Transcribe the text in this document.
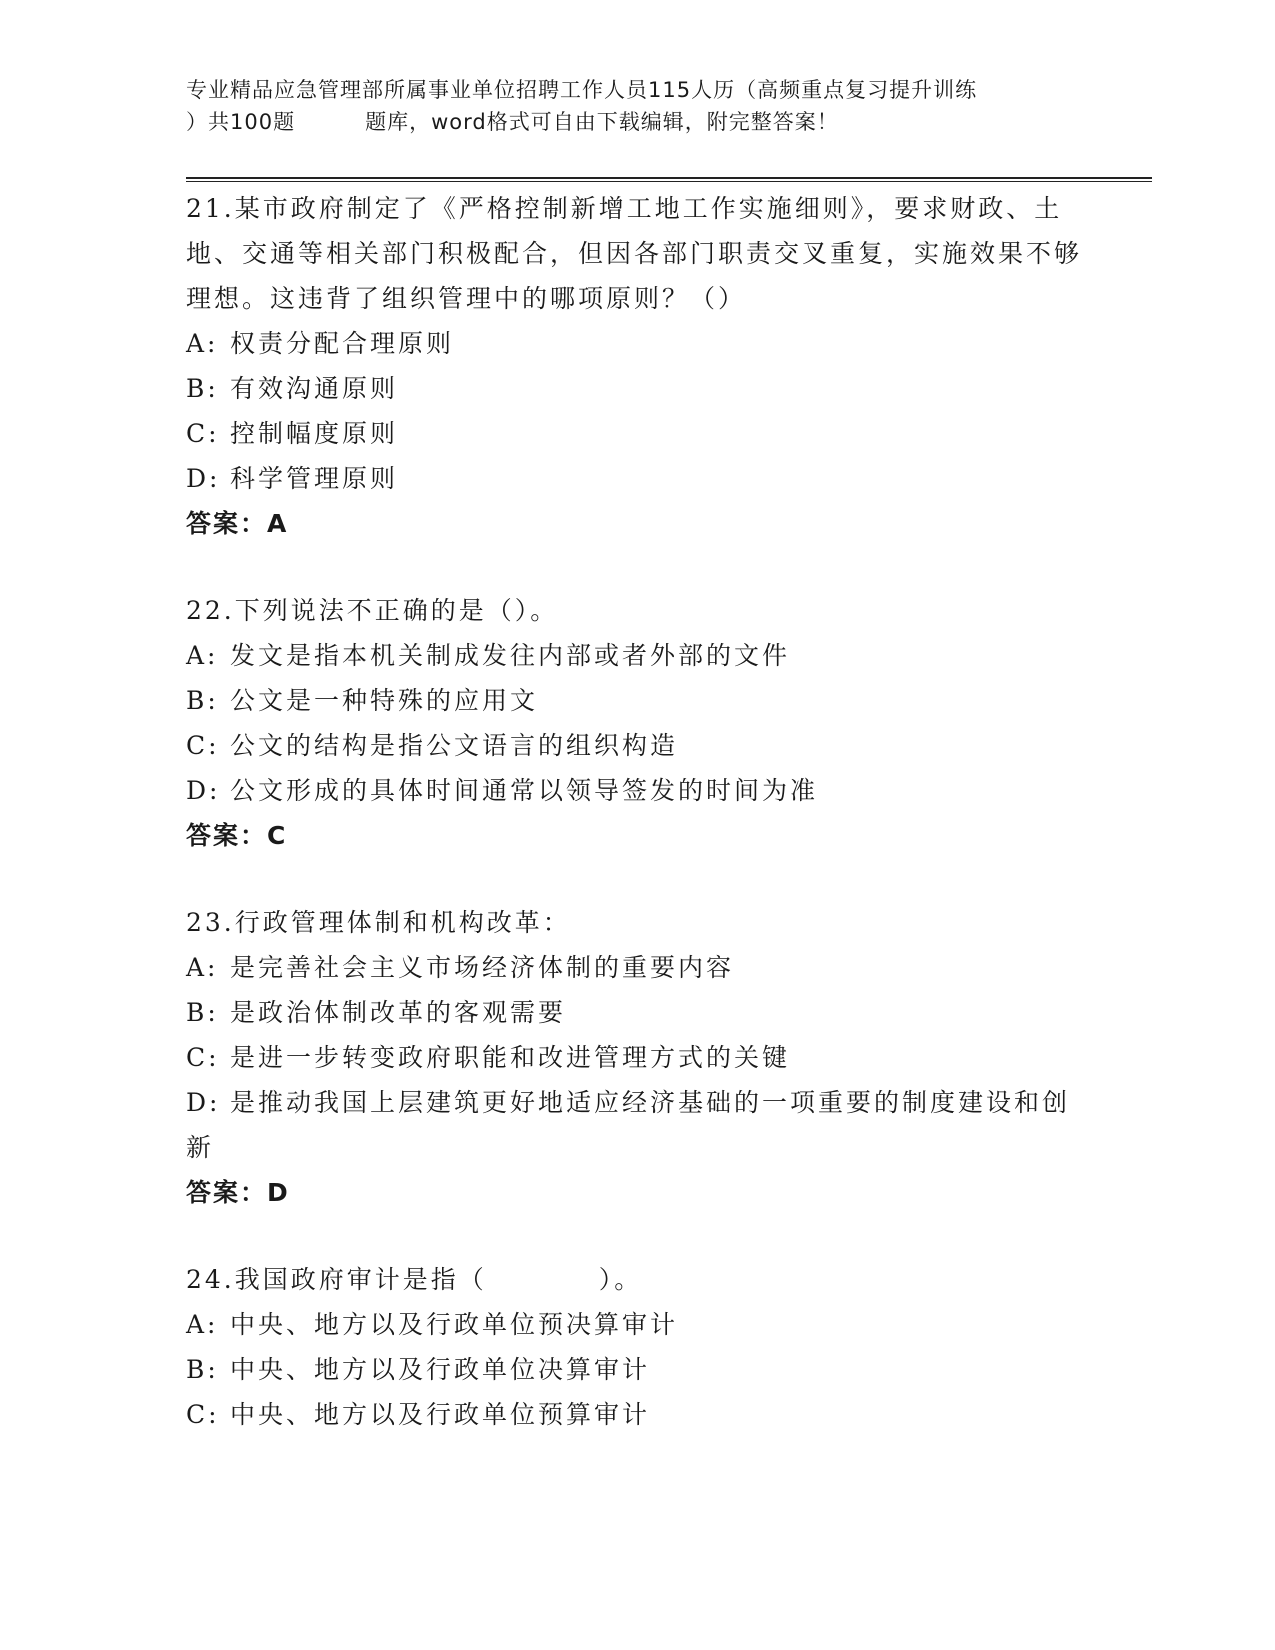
专业精品应急管理部所属事业单位招聘工作人员115人历（高频重点复习提升训练
）共100题	题库，word格式可自由下载编辑，附完整答案！
21.某市政府制定了《严格控制新增工地工作实施细则》，要求财政、土地、交通等相关部门积极配合，但因各部门职责交叉重复，实施效果不够理想。这违背了组织管理中的哪项原则？（）
A: 权责分配合理原则
B: 有效沟通原则
C: 控制幅度原则
D: 科学管理原则
答案：A
22.下列说法不正确的是（）。
A: 发文是指本机关制成发往内部或者外部的文件
B: 公文是一种特殊的应用文
C: 公文的结构是指公文语言的组织构造
D: 公文形成的具体时间通常以领导签发的时间为准
答案：C
23.行政管理体制和机构改革：
A: 是完善社会主义市场经济体制的重要内容
B: 是政治体制改革的客观需要
C: 是进一步转变政府职能和改进管理方式的关键
D: 是推动我国上层建筑更好地适应经济基础的一项重要的制度建设和创新
答案：D
24.我国政府审计是指（　　　　）。
A: 中央、地方以及行政单位预决算审计
B: 中央、地方以及行政单位决算审计
C: 中央、地方以及行政单位预算审计
